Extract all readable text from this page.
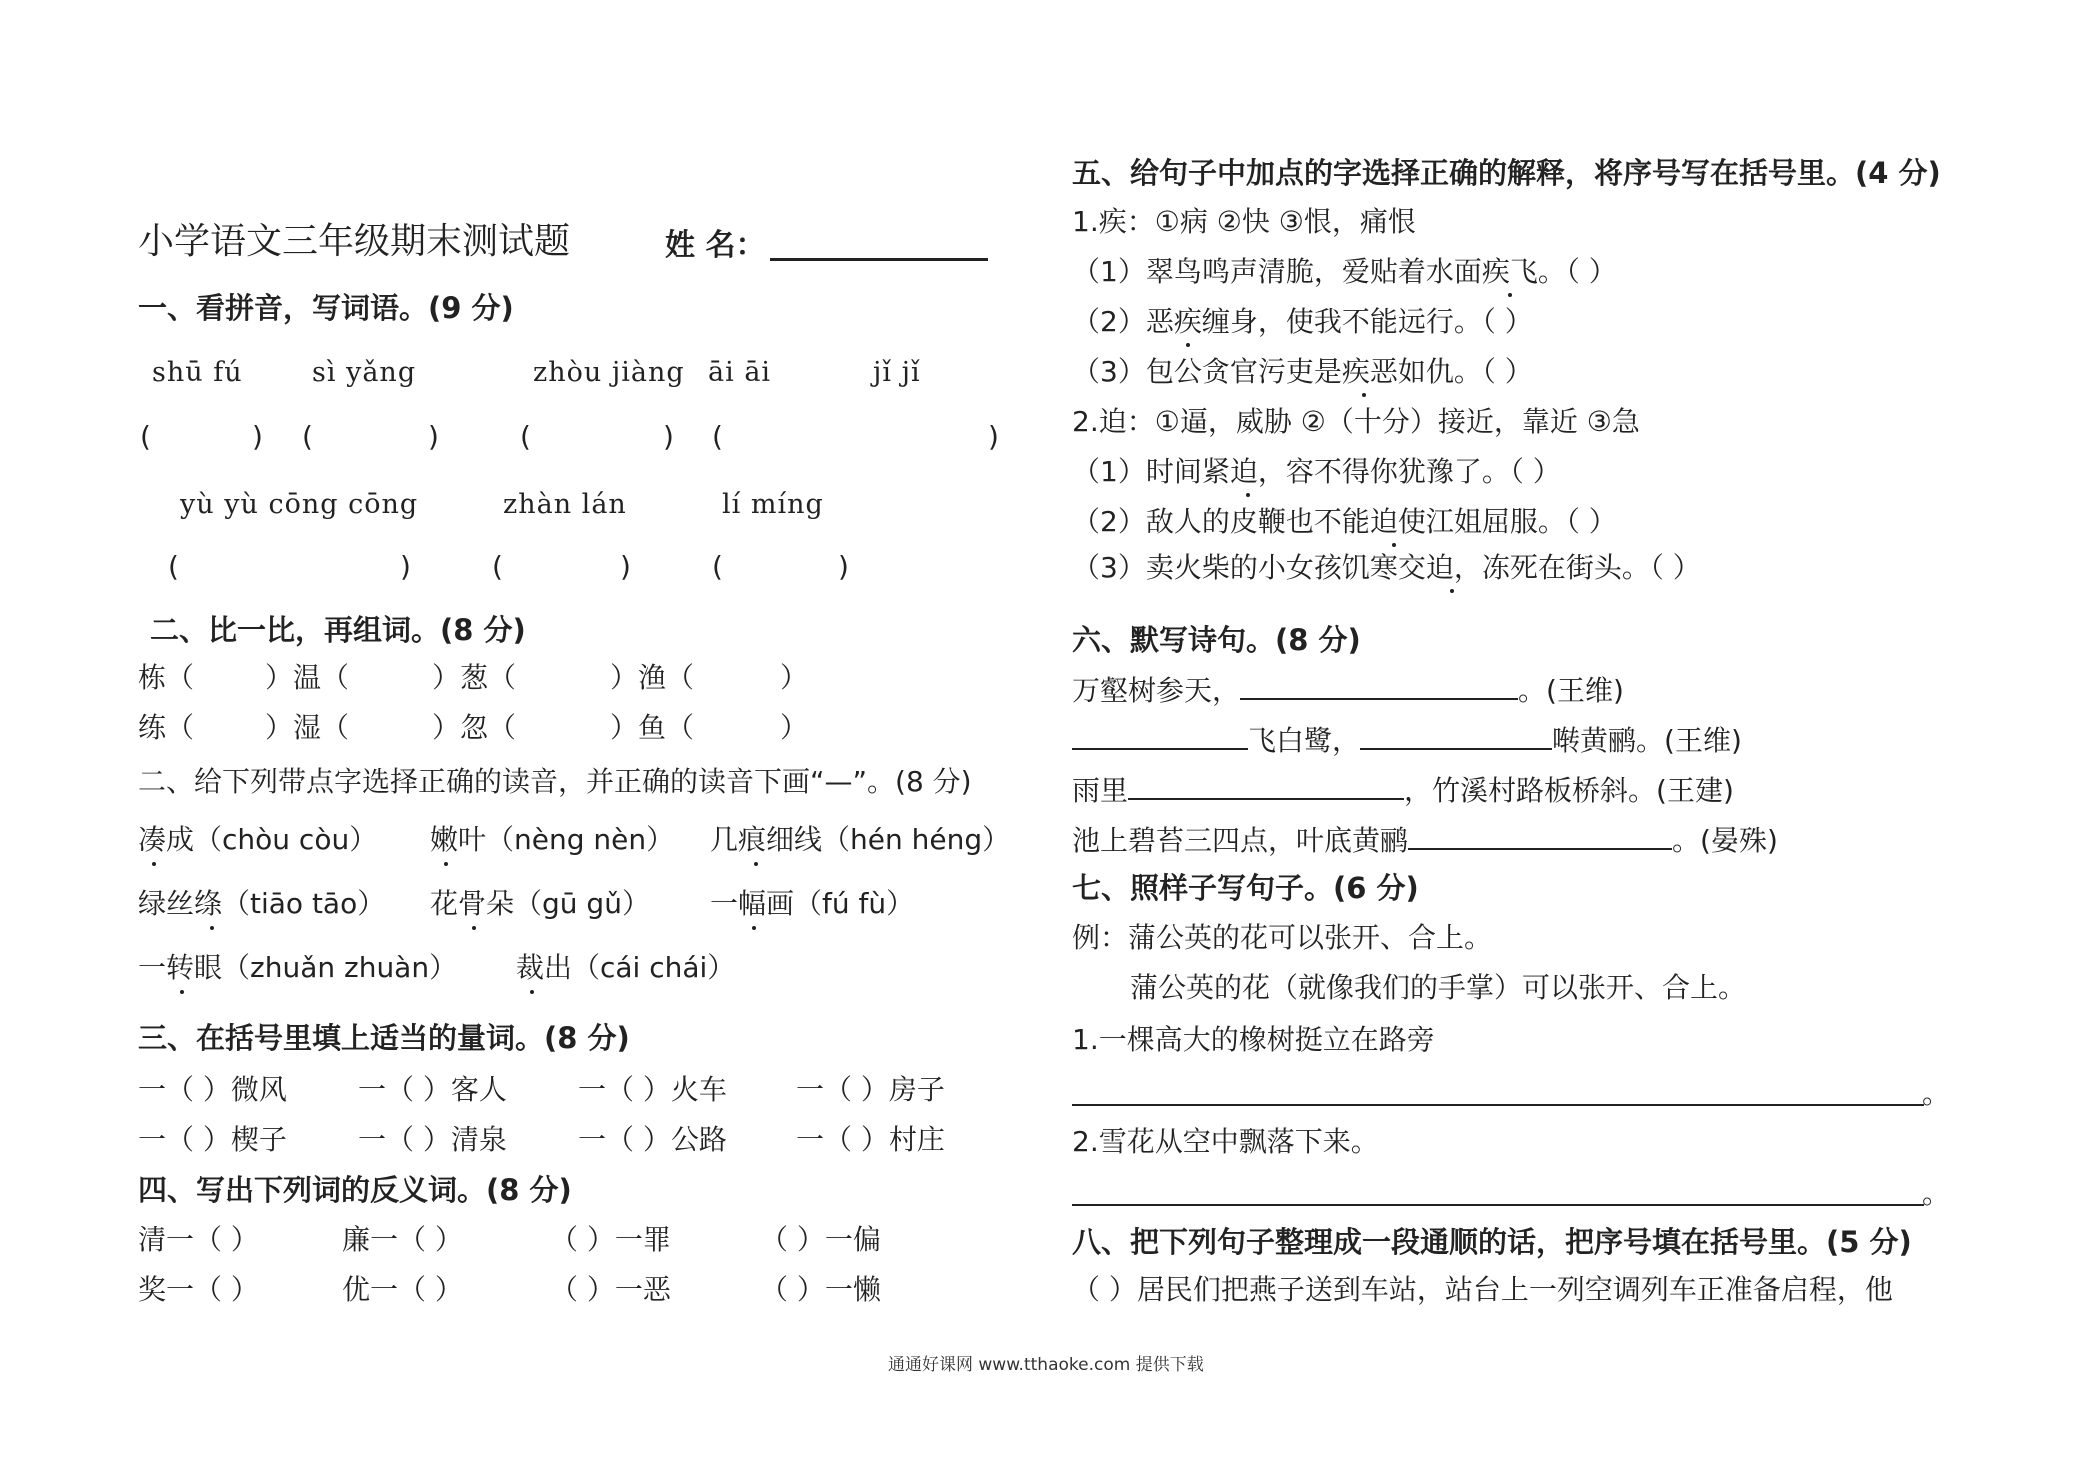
小学语文三年级期末测试题	姓 名：
一、看拼音，写词语。(9 分)
shū fú	sì yǎng	zhòu jiàng āi āi	jǐ jǐ
(	) (	)	(	) (	)
yù yù cōng cōng	zhàn lán	lí míng
(	)	(	)	(	)
二、比一比，再组词。(8 分)
栋（	）温（	）葱（	）渔（	）
练（	）湿（	）忽（	）鱼（	）
二、给下列带点字选择正确的读音，并正确的读音下画“—”。(8 分)
凑成（chòu còu） 嫩叶（nèng nèn） 几痕细线（hén héng）
绿丝绦（tiāo tāo） 花骨朵（gū gǔ） 一幅画（fú fù）
一转眼（zhuǎn zhuàn） 裁出（cái chái）
三、在括号里填上适当的量词。(8 分)
一（ ）微风	一（ ）客人	一（ ）火车 一（ ）房子
一（ ）楔子	一（ ）清泉	一（ ）公路 一（ ）村庄
四、写出下列词的反义词。(8 分)
清一（ ）	廉一（ ）	（ ）一罪	（ ）一偏
奖一（ ）	优一（ ）	（ ）一恶	（ ）一懒
五、给句子中加点的字选择正确的解释，将序号写在括号里。(4 分)
1.疾：①病 ②快 ③恨，痛恨
（1）翠鸟鸣声清脆，爱贴着水面疾飞。（ ）
（2）恶疾缠身，使我不能远行。（ ）
（3）包公贪官污吏是疾恶如仇。（ ）
2.迫：①逼，威胁 ②（十分）接近，靠近 ③急
（1）时间紧迫，容不得你犹豫了。（ ）
（2）敌人的皮鞭也不能迫使江姐屈服。（ ）
（3）卖火柴的小女孩饥寒交迫，冻死在街头。（ ）
六、默写诗句。(8 分)
万壑树参天，	。(王维)
飞白鹭，	啭黄鹂。(王维)
雨里	，竹溪村路板桥斜。(王建)
池上碧苔三四点，叶底黄鹂	。(晏殊)
七、照样子写句子。(6 分)
例：蒲公英的花可以张开、合上。
蒲公英的花（就像我们的手掌）可以张开、合上。
1.一棵高大的橡树挺立在路旁
。
2.雪花从空中飘落下来。
。
八、把下列句子整理成一段通顺的话，把序号填在括号里。(5 分)
（ ）居民们把燕子送到车站，站台上一列空调列车正准备启程，他
通通好课网 www.tthaoke.com 提供下载
